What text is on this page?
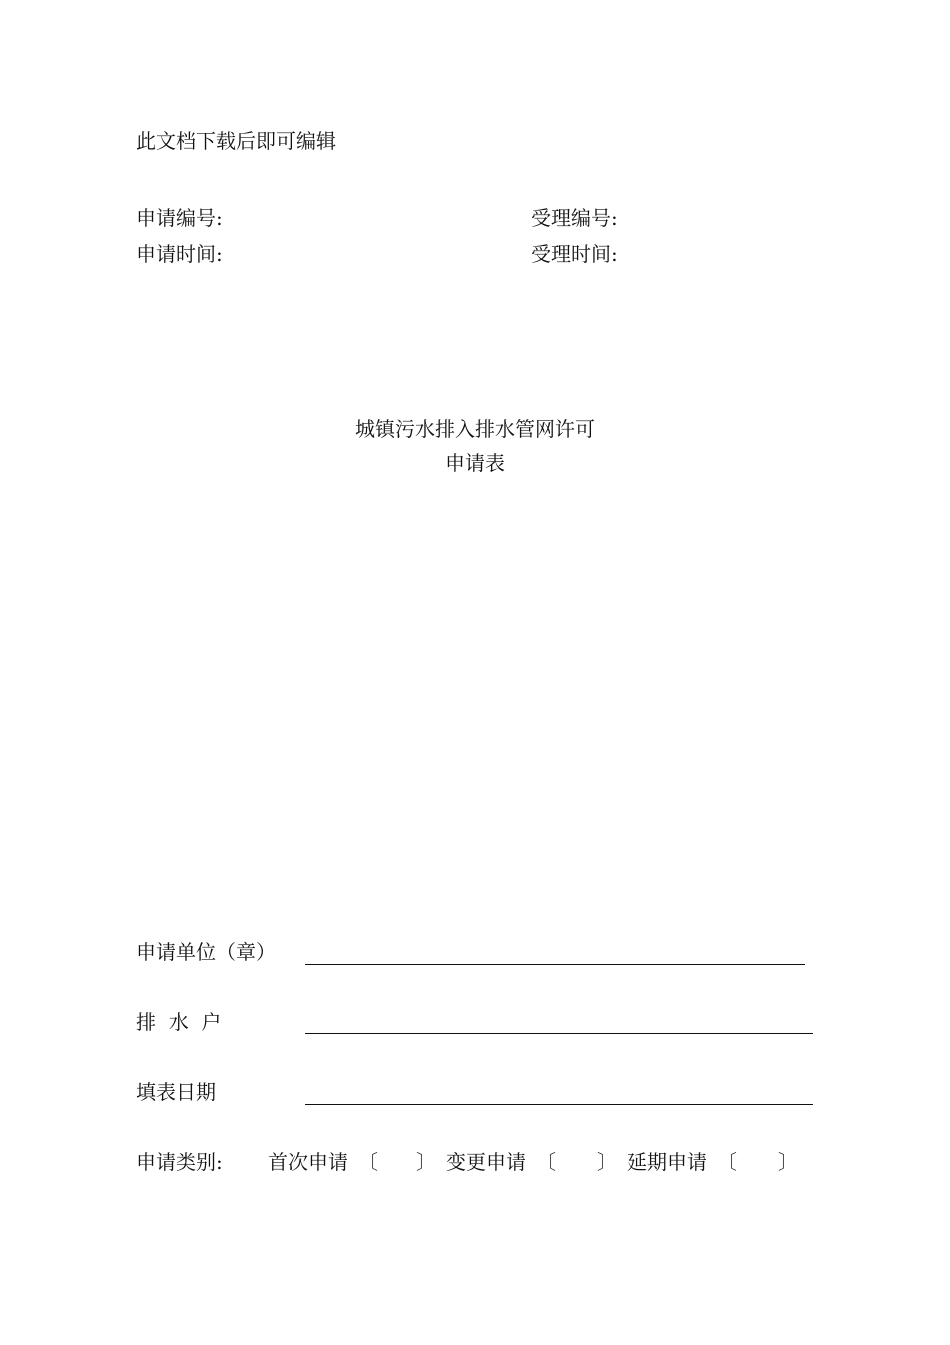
此文档下载后即可编辑
申请编号:	受理编号:
申请时间:	受理时间:
城镇污水排入排水管网许可
申请表
申请单位（章）
排  水  户
填表日期
申请类别: 首次申请 〔 〕 变更申请 〔 〕 延期申请 〔 〕
